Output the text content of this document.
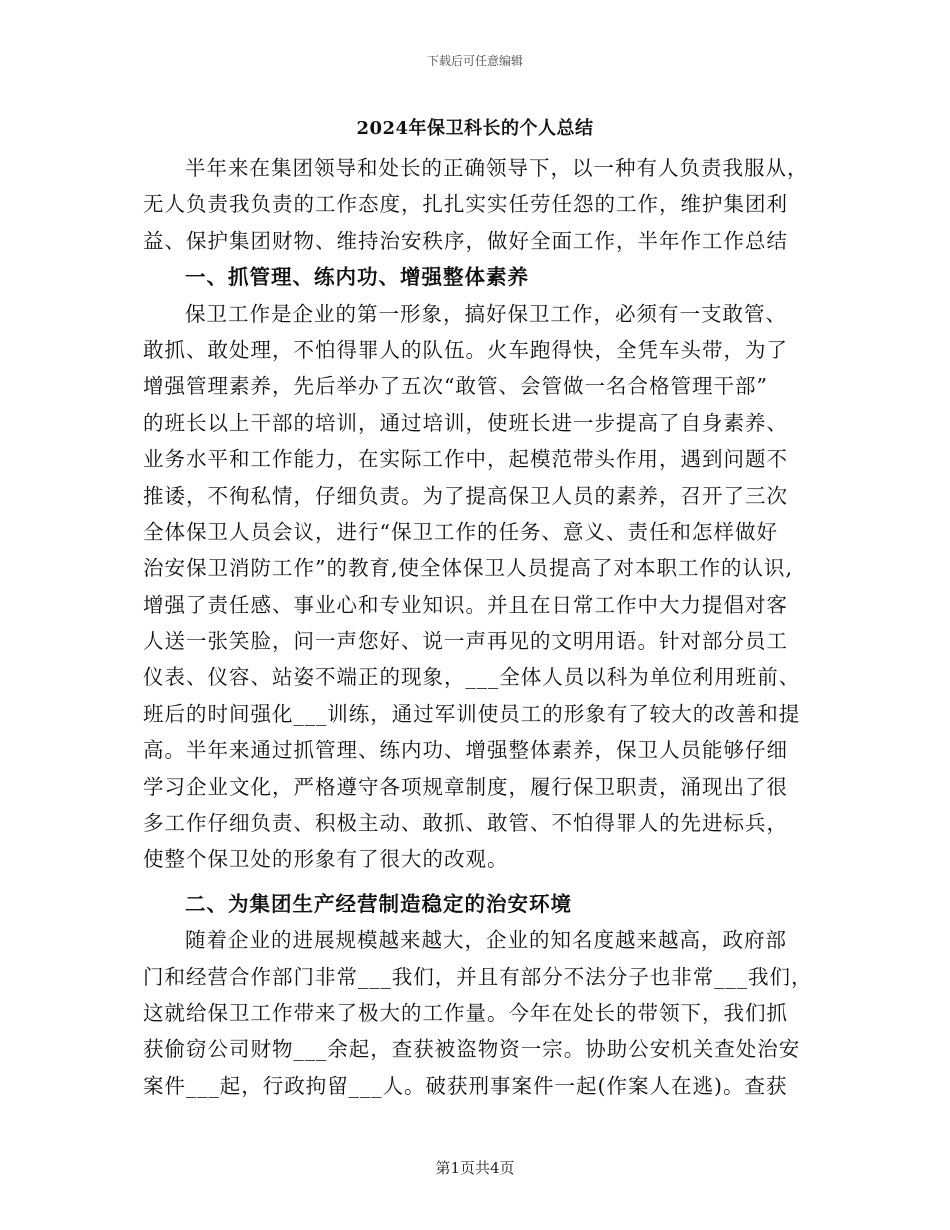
下载后可任意编辑
2024年保卫科长的个人总结
半年来在集团领导和处长的正确领导下，以一种有人负责我服从，
无人负责我负责的工作态度，扎扎实实任劳任怨的工作，维护集团利
益、保护集团财物、维持治安秩序，做好全面工作，半年作工作总结
一、抓管理、练内功、增强整体素养
保卫工作是企业的第一形象，搞好保卫工作，必须有一支敢管、
敢抓、敢处理，不怕得罪人的队伍。火车跑得快，全凭车头带，为了
增强管理素养，先后举办了五次“敢管、会管做一名合格管理干部”
的班长以上干部的培训，通过培训，使班长进一步提高了自身素养、
业务水平和工作能力，在实际工作中，起模范带头作用，遇到问题不
推诿，不徇私情，仔细负责。为了提高保卫人员的素养，召开了三次
全体保卫人员会议，进行“保卫工作的任务、意义、责任和怎样做好
治安保卫消防工作”的教育,使全体保卫人员提高了对本职工作的认识,
增强了责任感、事业心和专业知识。并且在日常工作中大力提倡对客
人送一张笑脸，问一声您好、说一声再见的文明用语。针对部分员工
仪表、仪容、站姿不端正的现象，___全体人员以科为单位利用班前、
班后的时间强化___训练，通过军训使员工的形象有了较大的改善和提
高。半年来通过抓管理、练内功、增强整体素养，保卫人员能够仔细
学习企业文化，严格遵守各项规章制度，履行保卫职责，涌现出了很
多工作仔细负责、积极主动、敢抓、敢管、不怕得罪人的先进标兵，
使整个保卫处的形象有了很大的改观。
二、为集团生产经营制造稳定的治安环境
随着企业的进展规模越来越大，企业的知名度越来越高，政府部
门和经营合作部门非常___我们，并且有部分不法分子也非常___我们，
这就给保卫工作带来了极大的工作量。今年在处长的带领下，我们抓
获偷窃公司财物___余起，查获被盗物资一宗。协助公安机关查处治安
案件___起，行政拘留___人。破获刑事案件一起(作案人在逃)。查获
第1页共4页
